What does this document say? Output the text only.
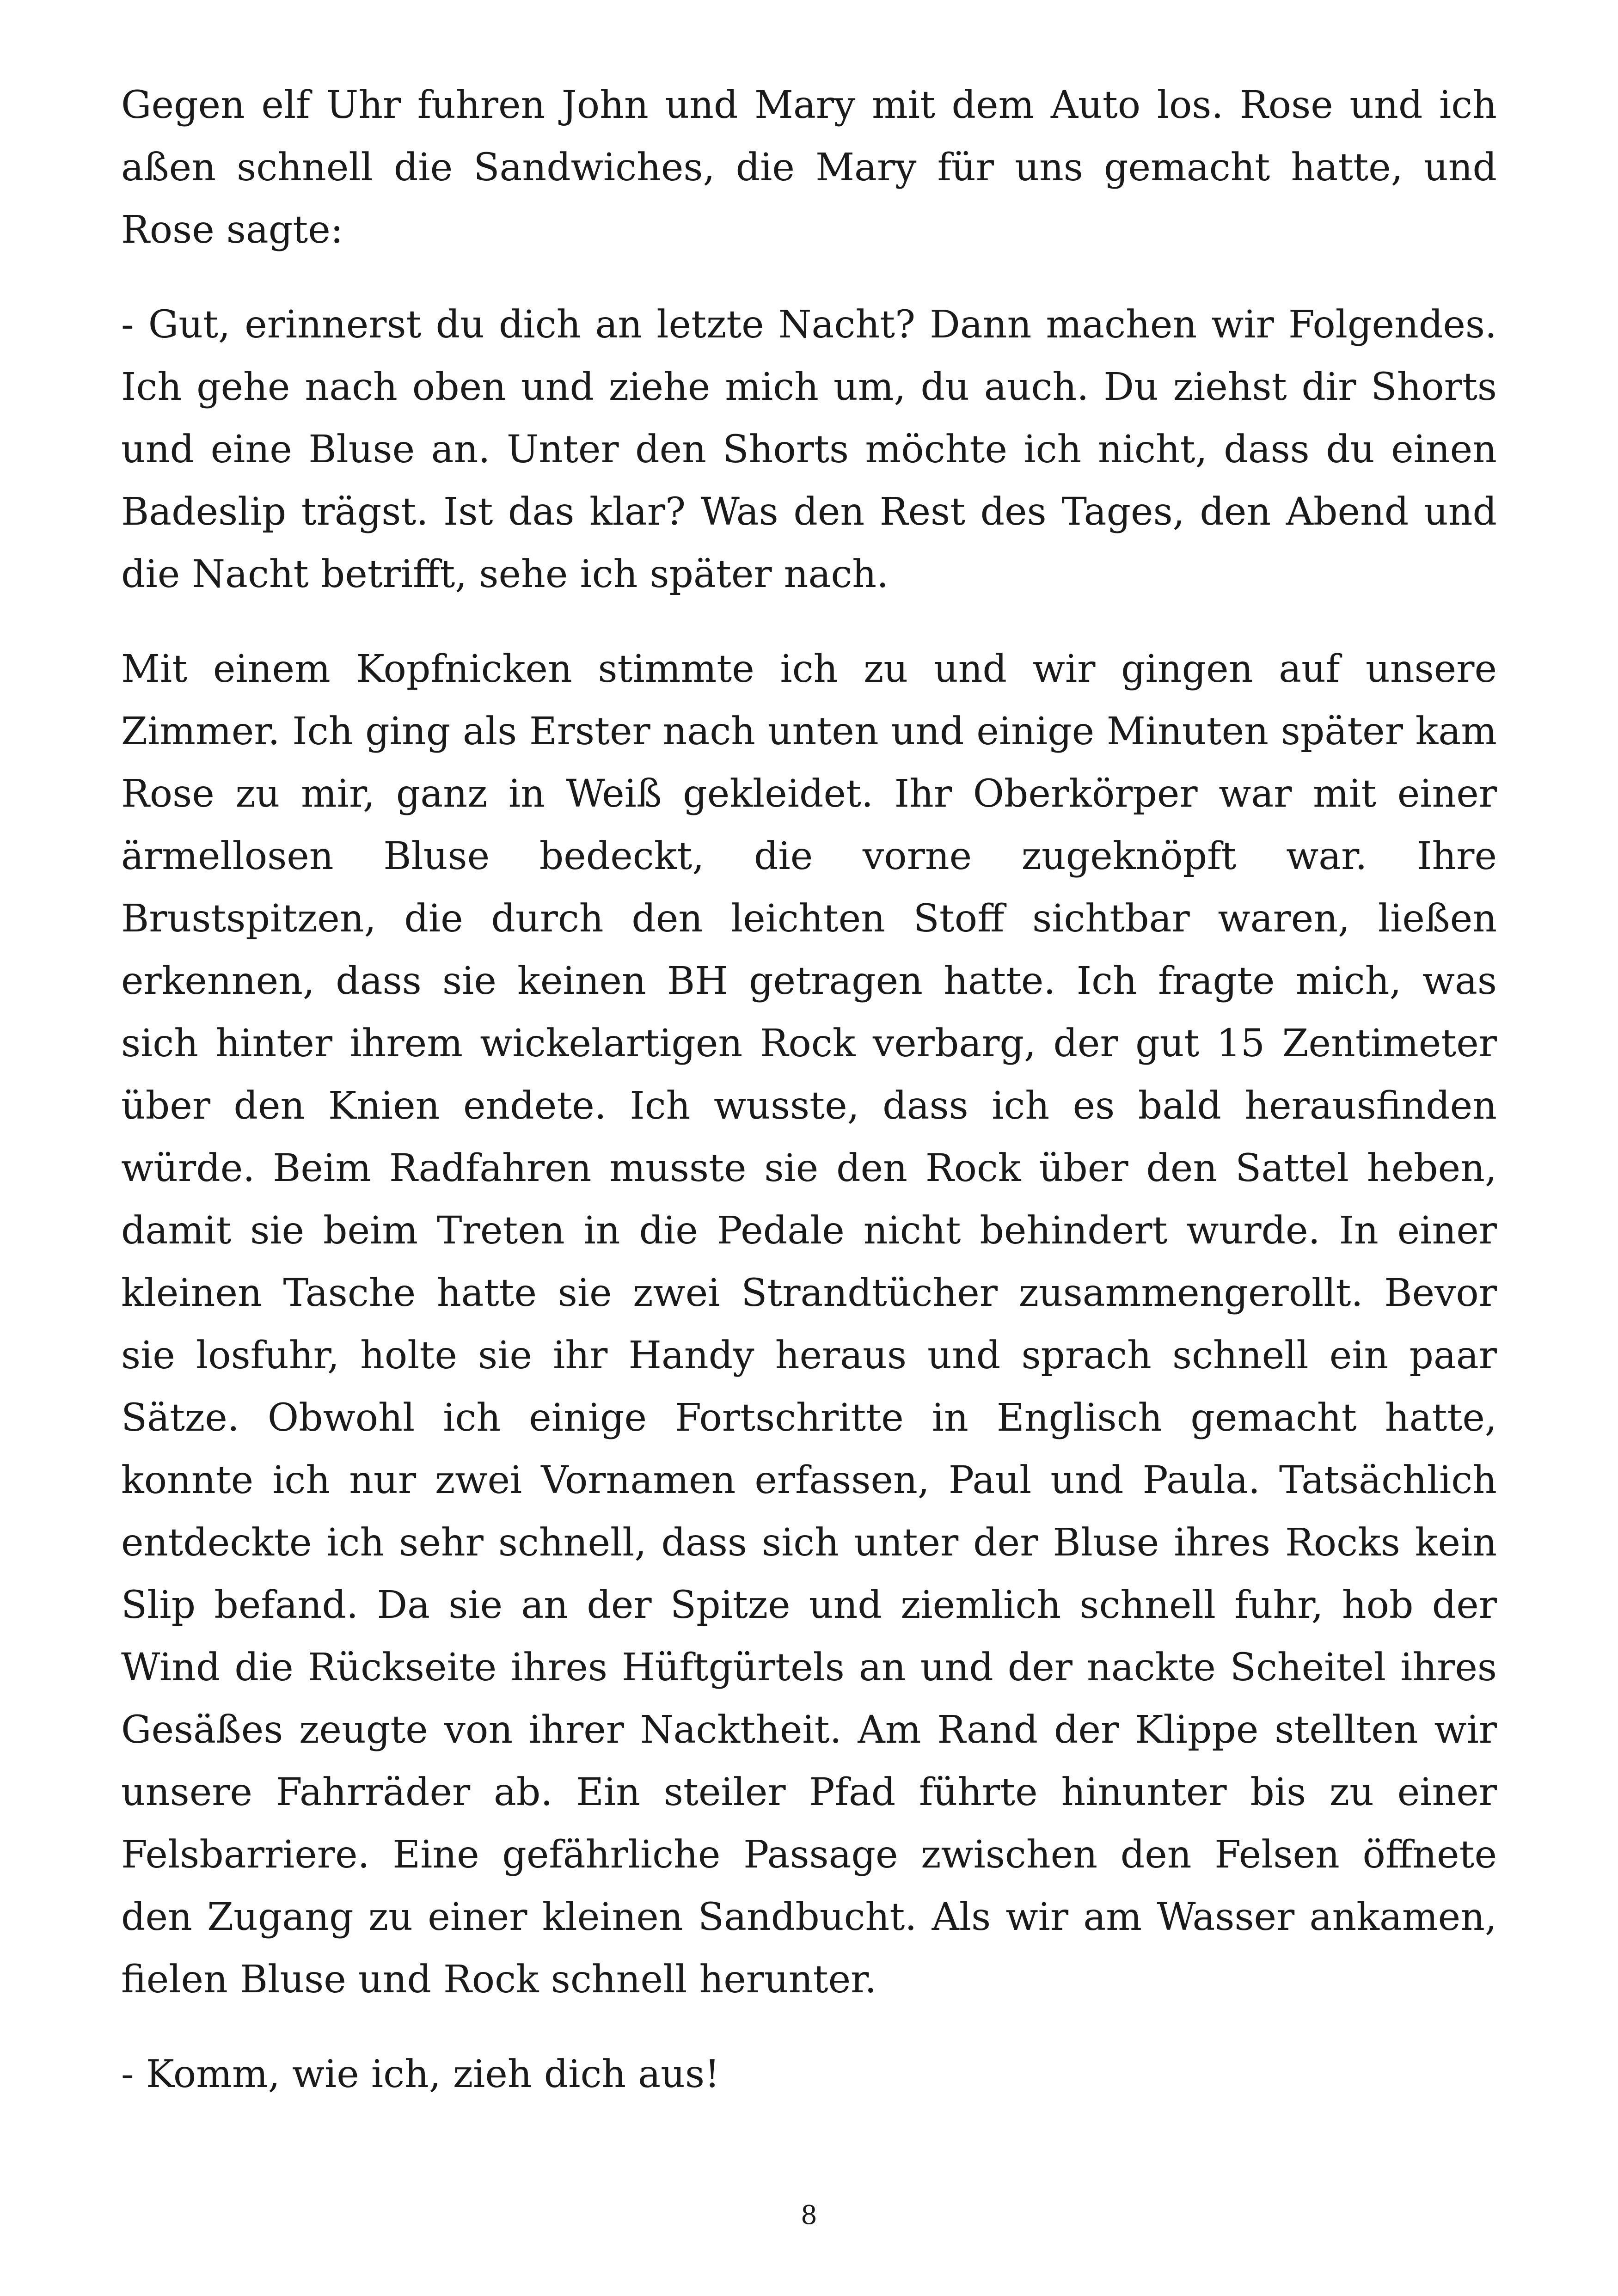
Gegen elf Uhr fuhren John und Mary mit dem Auto los. Rose und ich aßen schnell die Sandwiches, die Mary für uns gemacht hatte, und Rose sagte:

- Gut, erinnerst du dich an letzte Nacht? Dann machen wir Folgendes. Ich gehe nach oben und ziehe mich um, du auch. Du ziehst dir Shorts und eine Bluse an. Unter den Shorts möchte ich nicht, dass du einen Badeslip trägst. Ist das klar? Was den Rest des Tages, den Abend und die Nacht betrifft, sehe ich später nach.

Mit einem Kopfnicken stimmte ich zu und wir gingen auf unsere Zimmer. Ich ging als Erster nach unten und einige Minuten später kam Rose zu mir, ganz in Weiß gekleidet. Ihr Oberkörper war mit einer ärmellosen Bluse bedeckt, die vorne zugeknöpft war. Ihre Brustspitzen, die durch den leichten Stoff sichtbar waren, ließen erkennen, dass sie keinen BH getragen hatte. Ich fragte mich, was sich hinter ihrem wickelartigen Rock verbarg, der gut 15 Zentimeter über den Knien endete. Ich wusste, dass ich es bald herausfinden würde. Beim Radfahren musste sie den Rock über den Sattel heben, damit sie beim Treten in die Pedale nicht behindert wurde. In einer kleinen Tasche hatte sie zwei Strandtücher zusammengerollt. Bevor sie losfuhr, holte sie ihr Handy heraus und sprach schnell ein paar Sätze. Obwohl ich einige Fortschritte in Englisch gemacht hatte, konnte ich nur zwei Vornamen erfassen, Paul und Paula. Tatsächlich entdeckte ich sehr schnell, dass sich unter der Bluse ihres Rocks kein Slip befand. Da sie an der Spitze und ziemlich schnell fuhr, hob der Wind die Rückseite ihres Hüftgürtels an und der nackte Scheitel ihres Gesäßes zeugte von ihrer Nacktheit. Am Rand der Klippe stellten wir unsere Fahrräder ab. Ein steiler Pfad führte hinunter bis zu einer Felsbarriere. Eine gefährliche Passage zwischen den Felsen öffnete den Zugang zu einer kleinen Sandbucht. Als wir am Wasser ankamen, fielen Bluse und Rock schnell herunter.

- Komm, wie ich, zieh dich aus!

8
